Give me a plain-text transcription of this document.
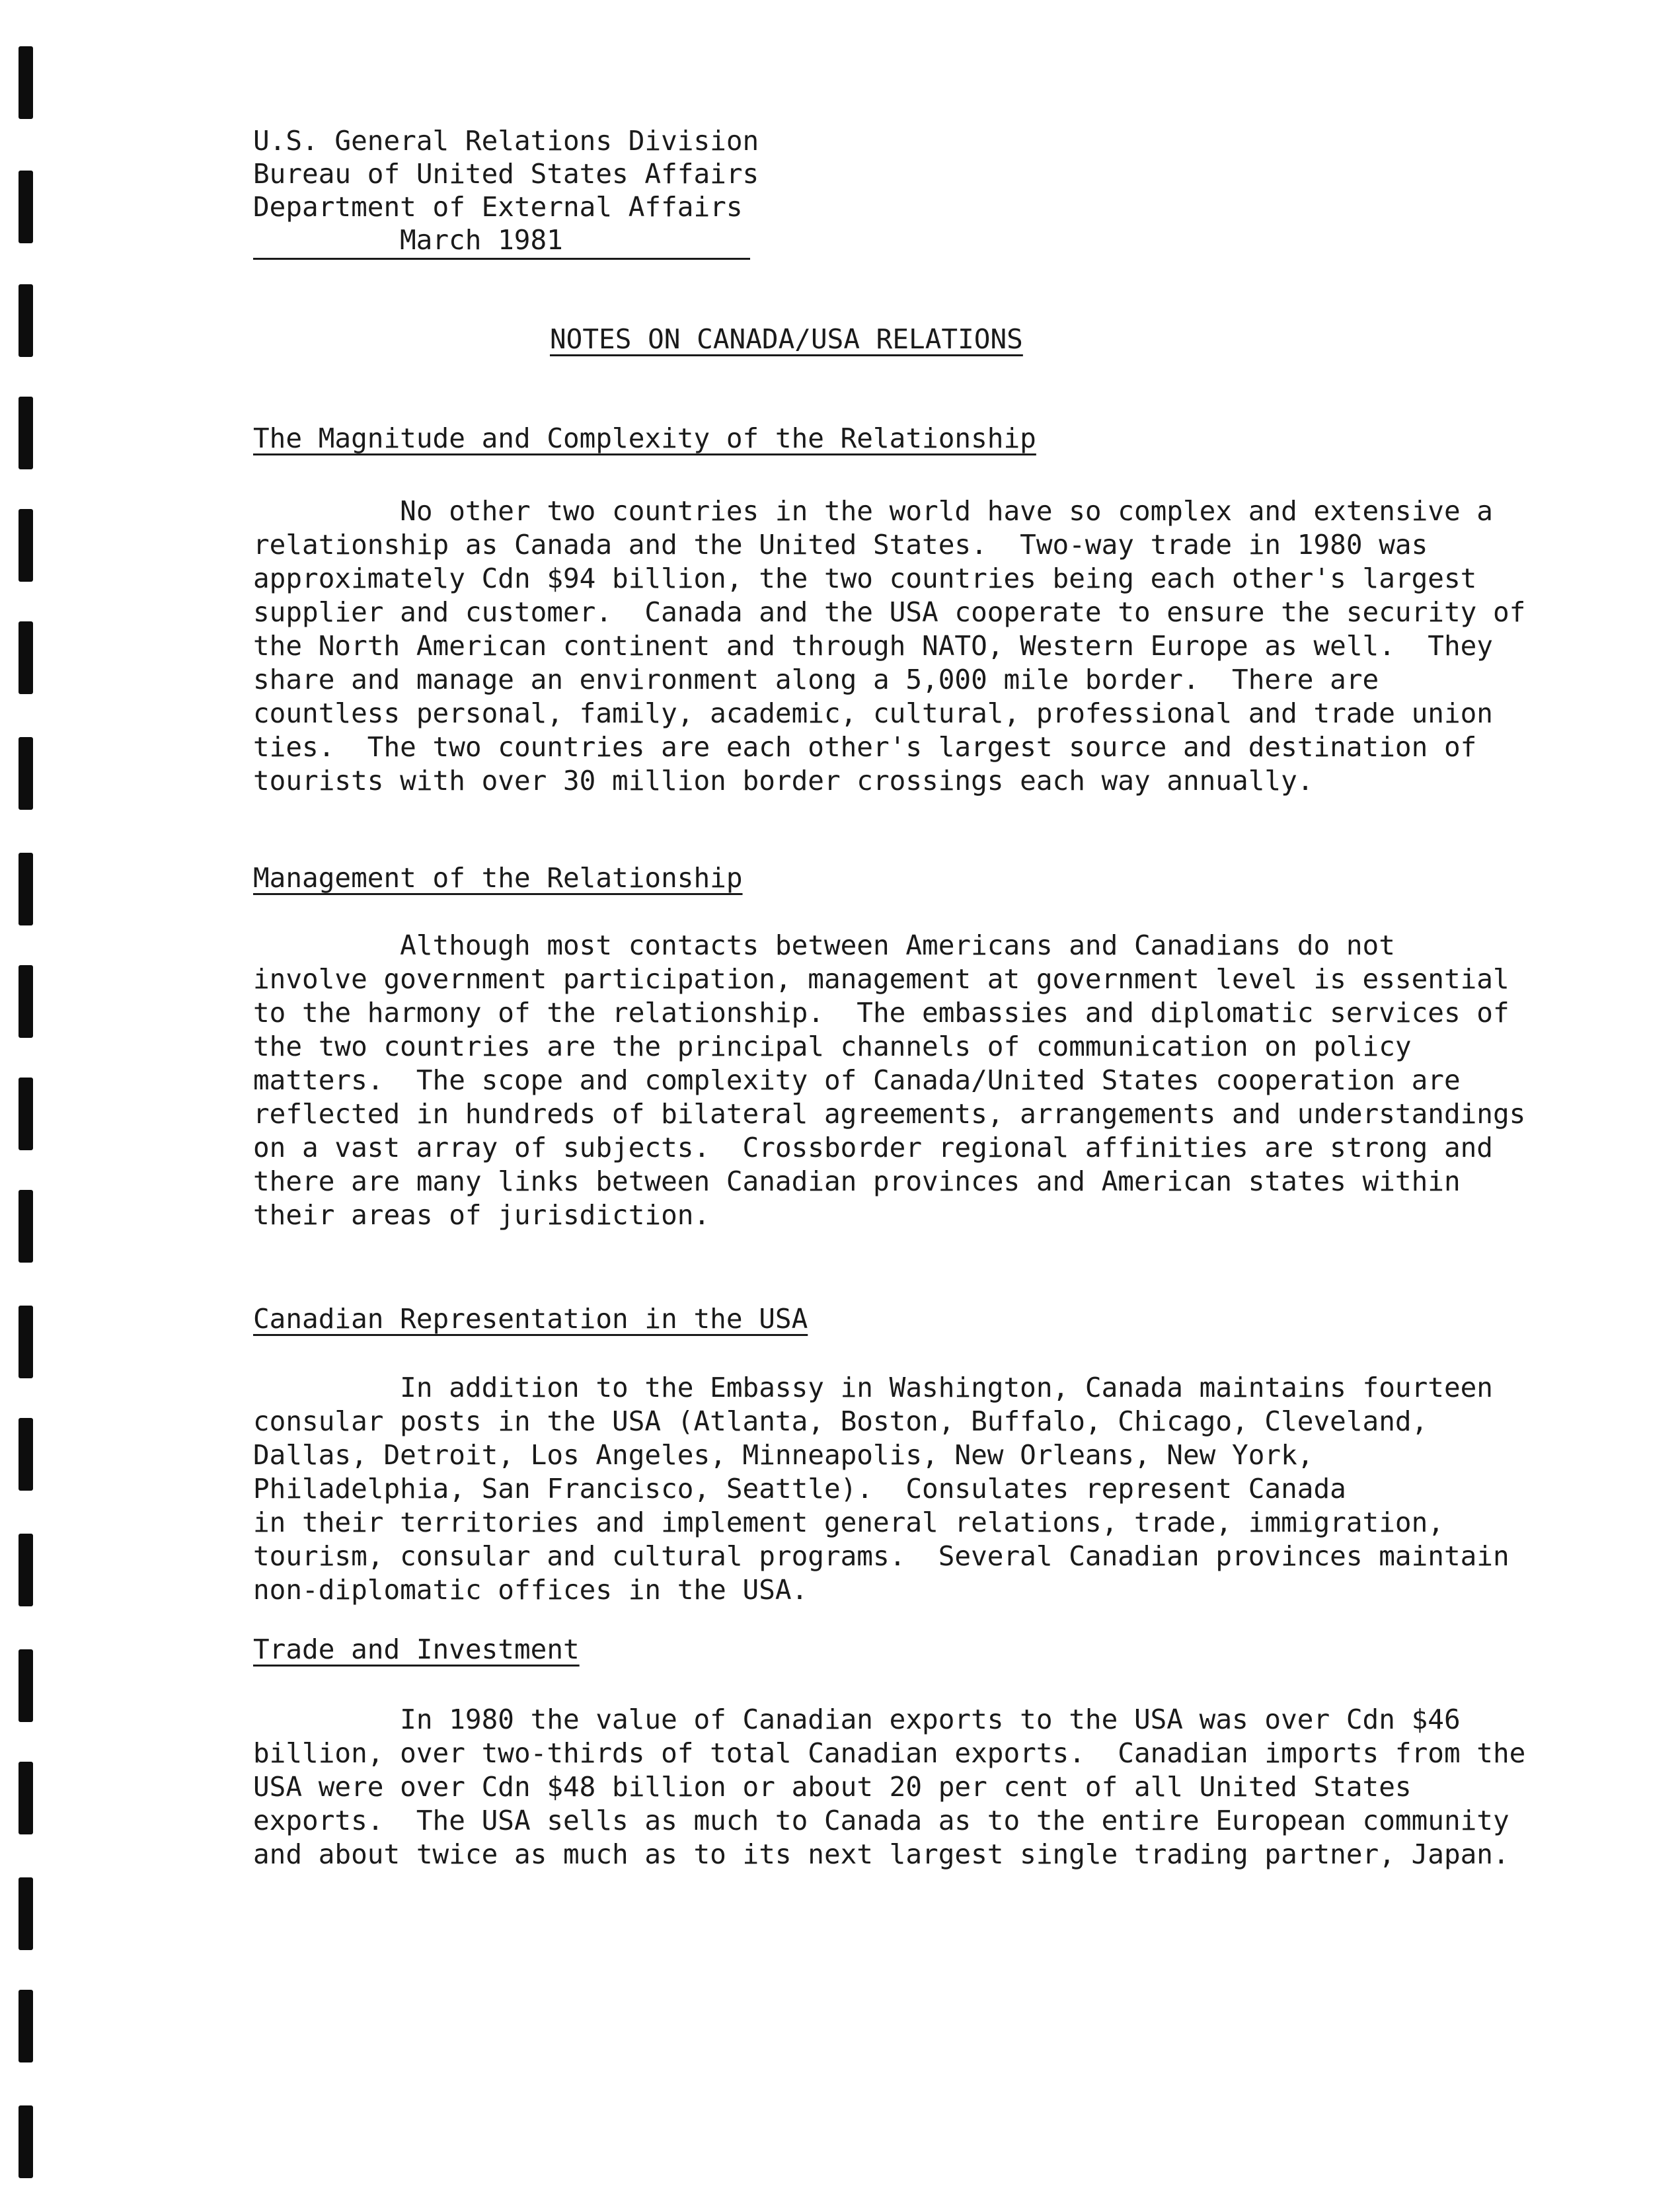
U.S. General Relations Division
Bureau of United States Affairs
Department of External Affairs
March 1981
NOTES ON CANADA/USA RELATIONS
The Magnitude and Complexity of the Relationship
No other two countries in the world have so complex and extensive a
relationship as Canada and the United States.  Two-way trade in 1980 was
approximately Cdn $94 billion, the two countries being each other's largest
supplier and customer.  Canada and the USA cooperate to ensure the security of
the North American continent and through NATO, Western Europe as well.  They
share and manage an environment along a 5,000 mile border.  There are
countless personal, family, academic, cultural, professional and trade union
ties.  The two countries are each other's largest source and destination of
tourists with over 30 million border crossings each way annually.
Management of the Relationship
Although most contacts between Americans and Canadians do not
involve government participation, management at government level is essential
to the harmony of the relationship.  The embassies and diplomatic services of
the two countries are the principal channels of communication on policy
matters.  The scope and complexity of Canada/United States cooperation are
reflected in hundreds of bilateral agreements, arrangements and understandings
on a vast array of subjects.  Crossborder regional affinities are strong and
there are many links between Canadian provinces and American states within
their areas of jurisdiction.
Canadian Representation in the USA
In addition to the Embassy in Washington, Canada maintains fourteen
consular posts in the USA (Atlanta, Boston, Buffalo, Chicago, Cleveland,
Dallas, Detroit, Los Angeles, Minneapolis, New Orleans, New York,
Philadelphia, San Francisco, Seattle).  Consulates represent Canada
in their territories and implement general relations, trade, immigration,
tourism, consular and cultural programs.  Several Canadian provinces maintain
non-diplomatic offices in the USA.
Trade and Investment
In 1980 the value of Canadian exports to the USA was over Cdn $46
billion, over two-thirds of total Canadian exports.  Canadian imports from the
USA were over Cdn $48 billion or about 20 per cent of all United States
exports.  The USA sells as much to Canada as to the entire European community
and about twice as much as to its next largest single trading partner, Japan.
